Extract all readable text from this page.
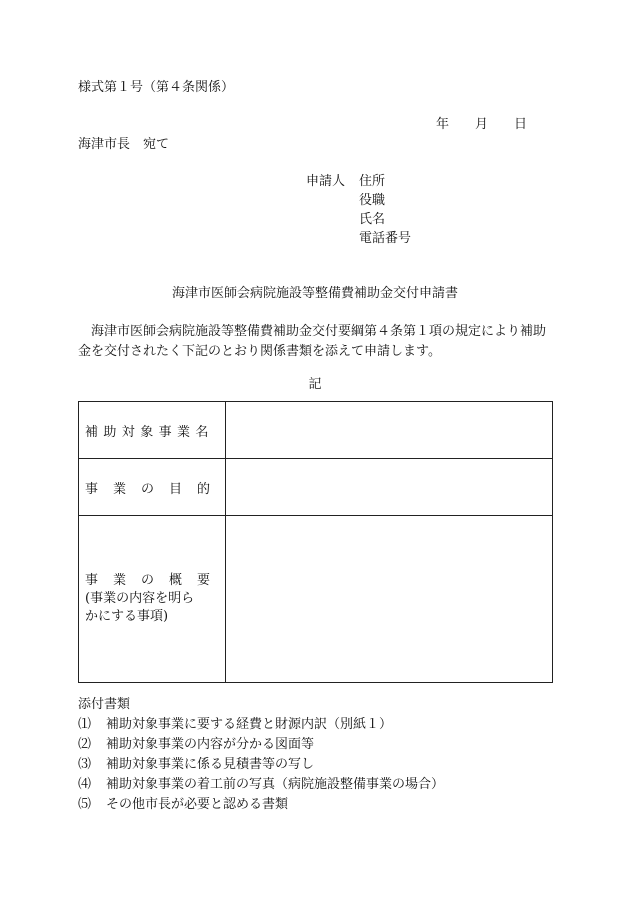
様式第１号（第４条関係）
年 月 日
海津市長　宛て
申請人 住所
役職
氏名
電話番号
海津市医師会病院施設等整備費補助金交付申請書
海津市医師会病院施設等整備費補助金交付要綱第４条第１項の規定により補助金を交付されたく下記のとおり関係書類を添えて申請します。
記
補助対象事業名	
事業の目的	

事業の概要
(事業の内容を明ら
かにする事項)	

添付書類
⑴ 補助対象事業に要する経費と財源内訳（別紙１）
⑵ 補助対象事業の内容が分かる図面等
⑶ 補助対象事業に係る見積書等の写し
⑷ 補助対象事業の着工前の写真（病院施設整備事業の場合）
⑸ その他市長が必要と認める書類
